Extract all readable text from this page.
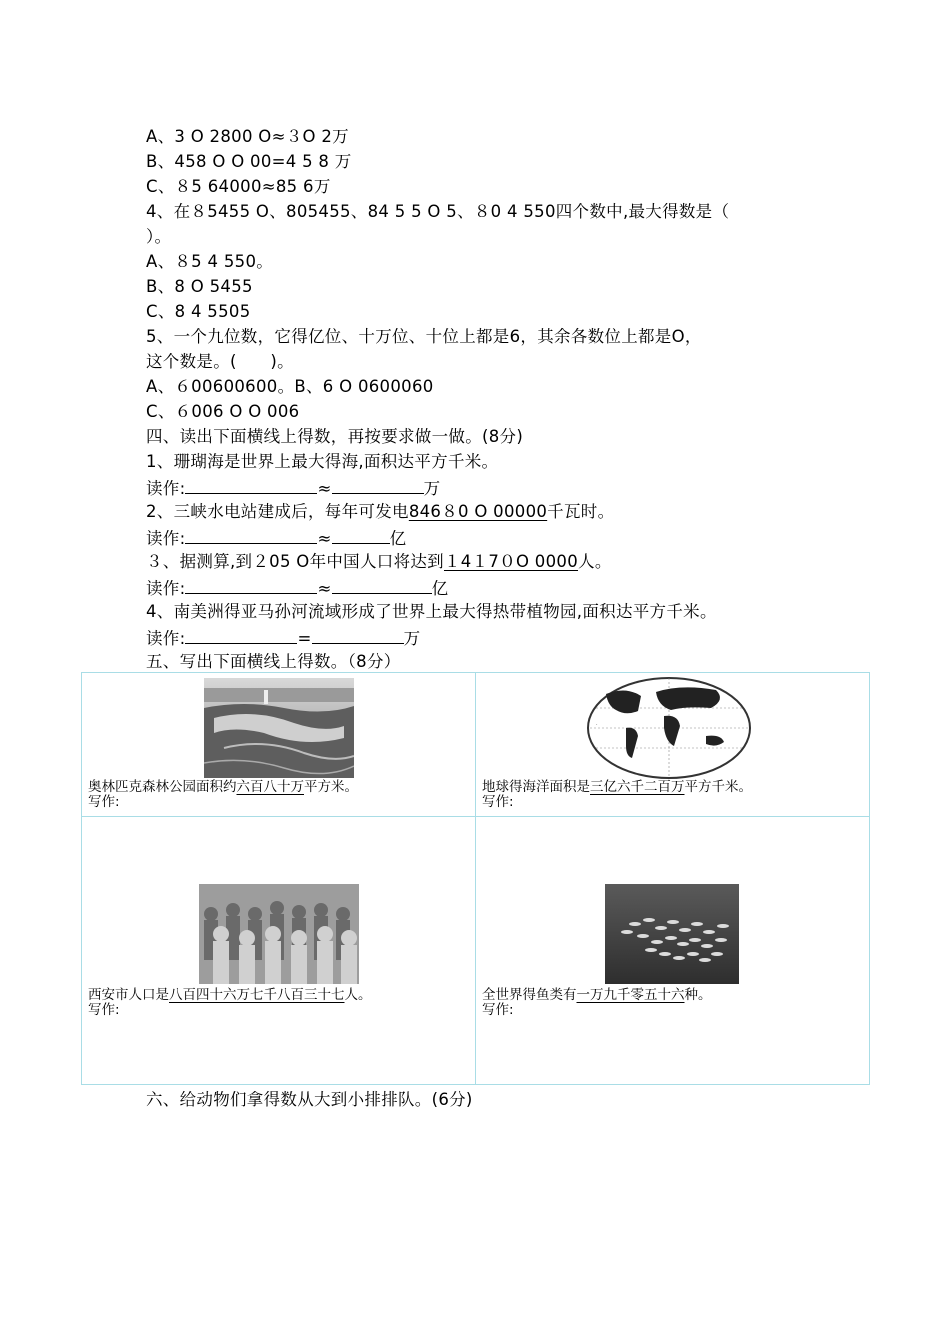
A、3 O 2800 O≈３O 2万
B、458 O O 00=4 5 8 万
C、８5 64000≈85 6万
4、在８5455 O、805455、84 5 5 O 5、８0 4 550四个数中,最大得数是（
）。
A、８5 4 550。
B、8 O 5455
C、8 4 5505
5、一个九位数，它得亿位、十万位、十位上都是6，其余各数位上都是O，
这个数是。(　　)。
A、６00600600。B、6 O 0600060
C、６006 O O 006
四、读出下面横线上得数，再按要求做一做。(8分)
1、珊瑚海是世界上最大得海,面积达平方千米。
读作:	≈	万
2、三峡水电站建成后，每年可发电846８0 O 00000千瓦时。
读作:	≈	亿
３、据测算,到２05 O年中国人口将达到１4１7０O 0000人。
读作:	≈	亿
4、南美洲得亚马孙河流域形成了世界上最大得热带植物园,面积达平方千米。
读作:	=	万
五、写出下面横线上得数。（8分）
奥林匹克森林公园面积约六百八十万平方米。
写作:
·
地球得海洋面积是三亿六千二百万平方千米。
写作:
西安市人口是八百四十六万七千八百三十七人。
写作:
全世界得鱼类有一万九千零五十六种。
写作:
六、给动物们拿得数从大到小排排队。(6分)
